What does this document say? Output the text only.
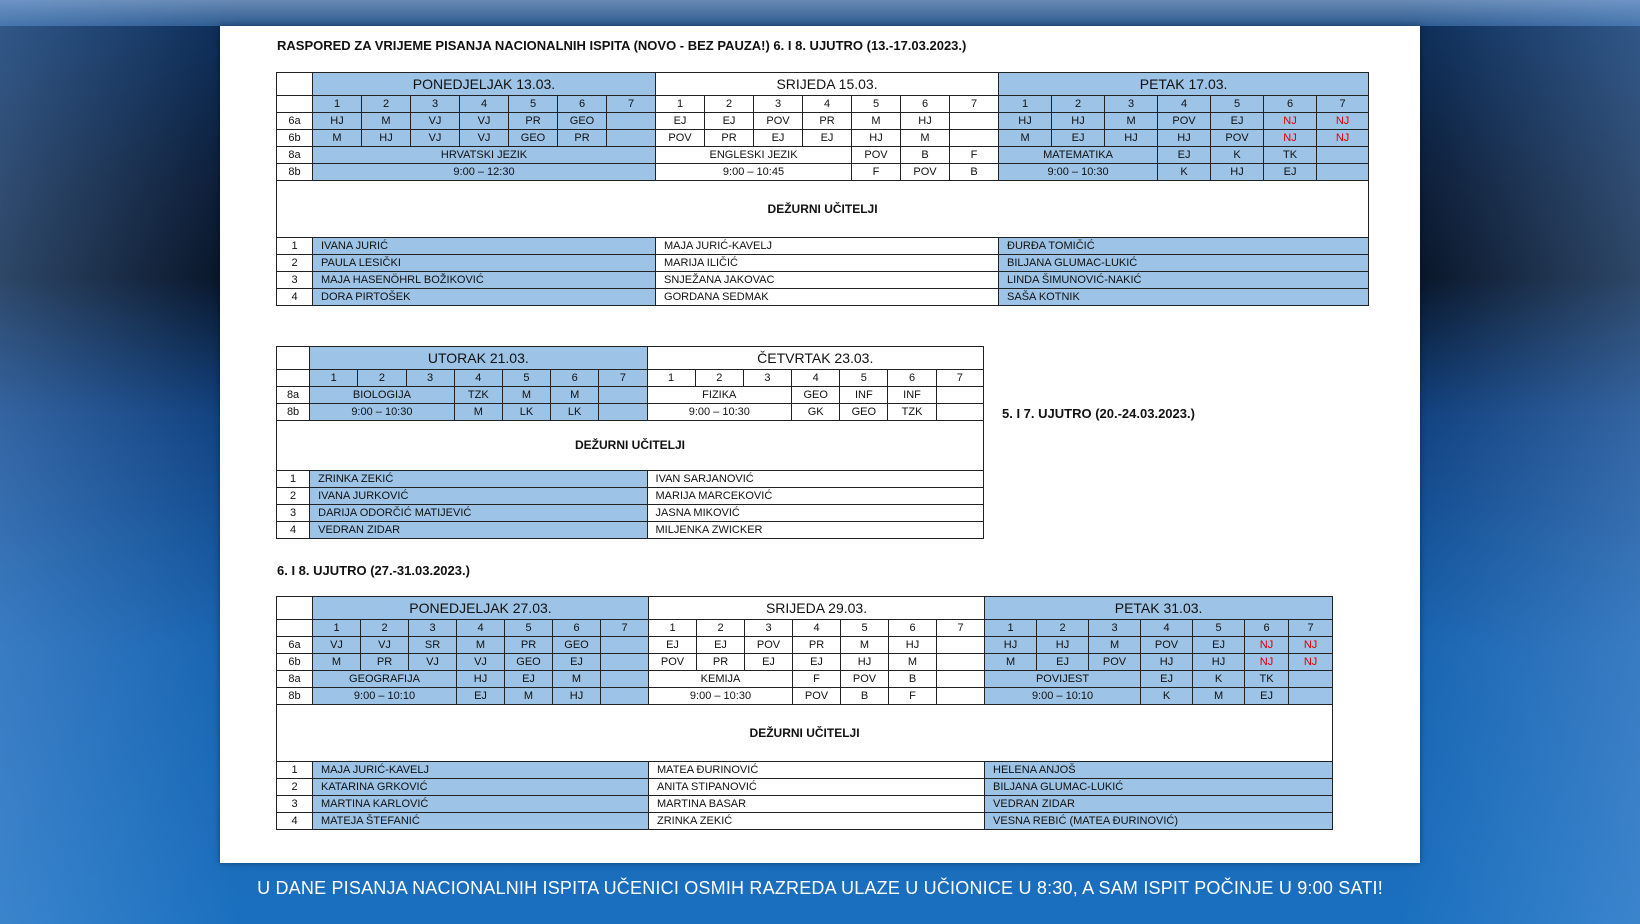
RASPORED ZA VRIJEME PISANJA NACIONALNIH ISPITA (NOVO - BEZ PAUZA!) 6. I 8. UJUTRO (13.-17.03.2023.)
	PONEDJELJAK 13.03.							SRIJEDA 15.03.							PETAK 17.03.						
	1	2	3	4	5	6	7	1	2	3	4	5	6	7	1	2	3	4	5	6	7
6a	HJ	M	VJ	VJ	PR	GEO		EJ	EJ	POV	PR	M	HJ		HJ	HJ	M	POV	EJ	NJ	NJ
6b	M	HJ	VJ	VJ	GEO	PR		POV	PR	EJ	EJ	HJ	M		M	EJ	HJ	HJ	POV	NJ	NJ
8a	HRVATSKI JEZIK							ENGLESKI JEZIK				POV	B	F	MATEMATIKA			EJ	K	TK	
8b	9:00 – 12:30							9:00 – 10:45				F	POV	B	9:00 – 10:30			K	HJ	EJ	
DEŽURNI UČITELJI																					
1	IVANA JURIĆ							MAJA JURIĆ-KAVELJ							ĐURĐA TOMIČIĆ						
2	PAULA LESIČKI							MARIJA ILIČIĆ							BILJANA GLUMAC-LUKIĆ						
3	MAJA HASENÖHRL BOŽIKOVIĆ							SNJEŽANA JAKOVAC							LINDA ŠIMUNOVIĆ-NAKIĆ						
4	DORA PIRTOŠEK							GORDANA SEDMAK							SAŠA KOTNIK						
	UTORAK 21.03.							ČETVRTAK 23.03.						
	1	2	3	4	5	6	7	1	2	3	4	5	6	7
8a	BIOLOGIJA			TZK	M	M		FIZIKA			GEO	INF	INF	
8b	9:00 – 10:30			M	LK	LK		9:00 – 10:30			GK	GEO	TZK	
DEŽURNI UČITELJI														
1	ZRINKA ZEKIĆ							IVAN SARJANOVIĆ						
2	IVANA JURKOVIĆ							MARIJA MARCEKOVIĆ						
3	DARIJA ODORČIĆ MATIJEVIĆ							JASNA MIKOVIĆ						
4	VEDRAN ZIDAR							MILJENKA ZWICKER						
5. I 7. UJUTRO (20.-24.03.2023.)
6. I 8. UJUTRO (27.-31.03.2023.)
	PONEDJELJAK 27.03.							SRIJEDA 29.03.							PETAK 31.03.						
	1	2	3	4	5	6	7	1	2	3	4	5	6	7	1	2	3	4	5	6	7
6a	VJ	VJ	SR	M	PR	GEO		EJ	EJ	POV	PR	M	HJ		HJ	HJ	M	POV	EJ	NJ	NJ
6b	M	PR	VJ	VJ	GEO	EJ		POV	PR	EJ	EJ	HJ	M		M	EJ	POV	HJ	HJ	NJ	NJ
8a	GEOGRAFIJA			HJ	EJ	M		KEMIJA			F	POV	B		POVIJEST			EJ	K	TK	
8b	9:00 – 10:10			EJ	M	HJ		9:00 – 10:30			POV	B	F		9:00 – 10:10			K	M	EJ	
DEŽURNI UČITELJI																					
1	MAJA JURIĆ-KAVELJ							MATEA ĐURINOVIĆ							HELENA ANJOŠ						
2	KATARINA GRKOVIĆ							ANITA STIPANOVIĆ							BILJANA GLUMAC-LUKIĆ						
3	MARTINA KARLOVIĆ							MARTINA BASAR							VEDRAN ZIDAR						
4	MATEJA ŠTEFANIĆ							ZRINKA ZEKIĆ							VESNA REBIĆ (MATEA ĐURINOVIĆ)						
U DANE PISANJA NACIONALNIH ISPITA UČENICI OSMIH RAZREDA ULAZE U UČIONICE U 8:30, A SAM ISPIT POČINJE U 9:00 SATI!
